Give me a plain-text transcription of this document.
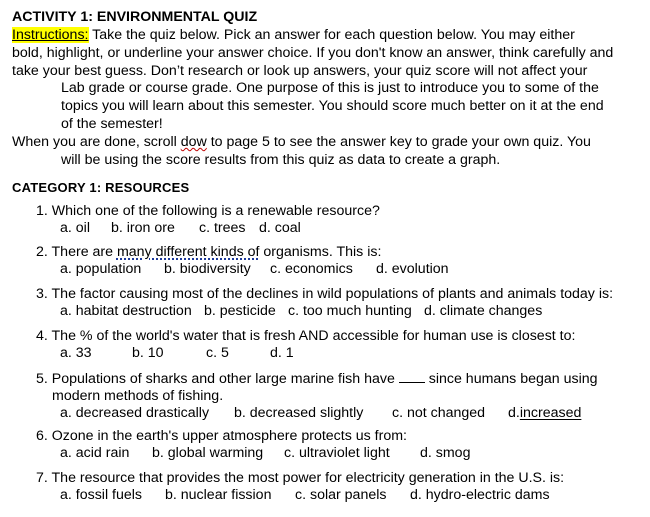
ACTIVITY 1: ENVIRONMENTAL QUIZ
Instructions: Take the quiz below. Pick an answer for each question below. You may either
bold, highlight, or underline your answer choice. If you don't know an answer, think carefully and
take your best guess. Don’t research or look up answers, your quiz score will not affect your
Lab grade or course grade. One purpose of this is just to introduce you to some of the
topics you will learn about this semester. You should score much better on it at the end
of the semester!
When you are done, scroll dow to page 5 to see the answer key to grade your own quiz. You
will be using the score results from this quiz as data to create a graph.
CATEGORY 1: RESOURCES
1. Which one of the following is a renewable resource?
a. oil b. iron ore c. trees d. coal
2. There are many different kinds of organisms. This is:
a. population b. biodiversity c. economics d. evolution
3. The factor causing most of the declines in wild populations of plants and animals today is:
a. habitat destruction b. pesticide c. too much hunting d. climate changes
4. The % of the world's water that is fresh AND accessible for human use is closest to:
a. 33	b. 10	c. 5	d. 1
5. Populations of sharks and other large marine fish have  since humans began using
modern methods of fishing.
a. decreased drastically b. decreased slightly c. not changed d.increased
6. Ozone in the earth's upper atmosphere protects us from:
a. acid rain b. global warming c. ultraviolet light d. smog
7. The resource that provides the most power for electricity generation in the U.S. is:
a. fossil fuels b. nuclear fission c. solar panels d. hydro-electric dams
